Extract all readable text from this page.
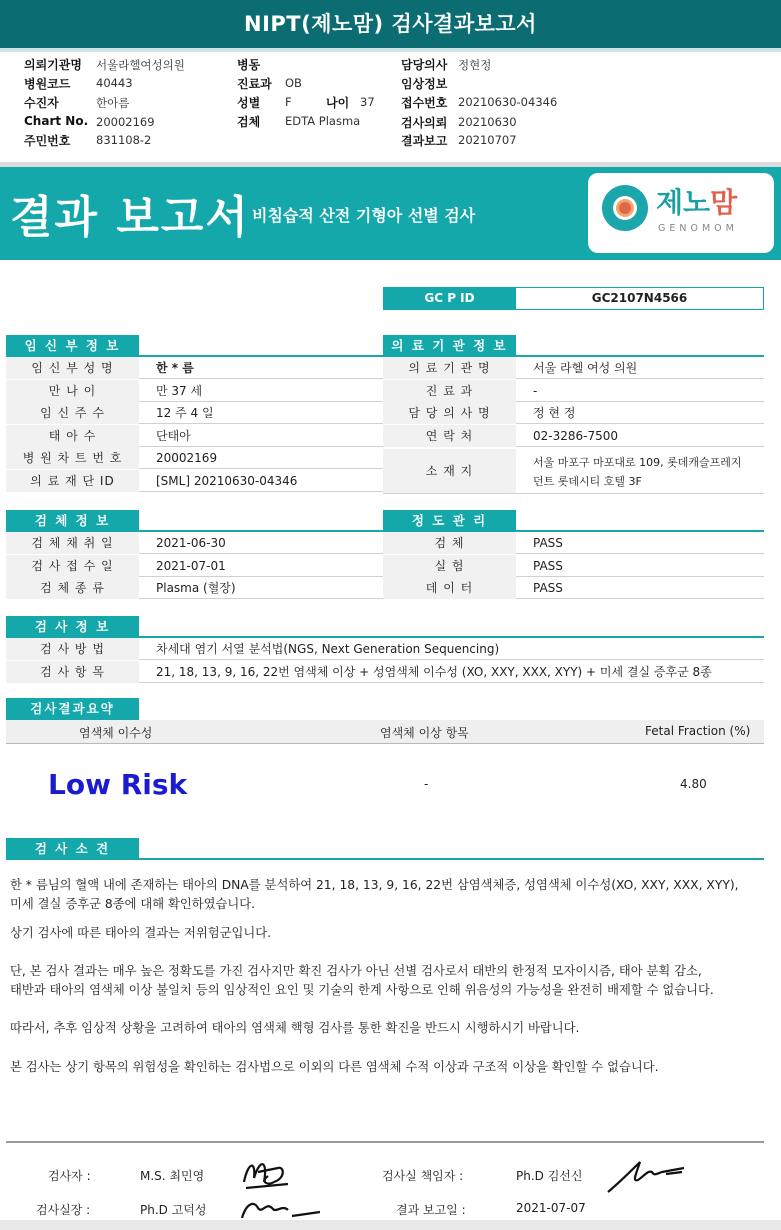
NIPT(제노맘) 검사결과보고서
의뢰기관명 서울라헬여성의원
병원코드 40443
수진자	한아름
Chart No. 20002169
주민번호 831108-2
병동
진료과 OB
성별 F	나이 37
검체 EDTA Plasma
담당의사 정현정
임상정보
접수번호 20210630-04346
검사의뢰 20210630
결과보고 20210707
결과 보고서 비침습적 산전 기형아 선별 검사	제노맘
GENOMOM
GC P ID	GC2107N4566
임 신 부 정 보
임 신 부 성 명	한 * 름
만 나 이	만 37 세
임 신 주 수	12 주 4 일
태 아 수	단태아
병 원 차 트 번 호	20002169
의 료 재 단 ID	[SML] 20210630-04346
의 료 기 관 정 보
의 료 기 관 명	서울 라헬 여성 의원
진 료 과	-
담 당 의 사 명	정 현 정
연 락 처	02-3286-7500
소 재 지
서울 마포구 마포대로 109, 롯데캐슬프레지
던트 롯데시티 호텔 3F
검 체 정 보
검 체 채 취 일	2021-06-30
검 사 접 수 일	2021-07-01
검 체 종 류	Plasma (혈장)
정 도 관 리
검 체	PASS
실 험	PASS
데 이 터	PASS
검 사 정 보
검 사 방 법	차세대 염기 서열 분석법(NGS, Next Generation Sequencing)
검 사 항 목	21, 18, 13, 9, 16, 22번 염색체 이상 + 성염색체 이수성 (XO, XXY, XXX, XYY) + 미세 결실 증후군 8종
검사결과요약
염색체 이수성	염색체 이상 항목	Fetal Fraction (%)
Low Risk	-	4.80
검 사 소 견
한 * 름님의 혈액 내에 존재하는 태아의 DNA를 분석하여 21, 18, 13, 9, 16, 22번 삼염색체증, 성염색체 이수성(XO, XXY, XXX, XYY),
미세 결실 증후군 8종에 대해 확인하였습니다.
상기 검사에 따른 태아의 결과는 저위험군입니다.
단, 본 검사 결과는 매우 높은 정확도를 가진 검사지만 확진 검사가 아닌 선별 검사로서 태반의 한정적 모자이시즘, 태아 분획 감소,
태반과 태아의 염색체 이상 불일치 등의 임상적인 요인 및 기술의 한계 사항으로 인해 위음성의 가능성을 완전히 배제할 수 없습니다.
따라서, 추후 임상적 상황을 고려하여 태아의 염색체 핵형 검사를 통한 확진을 반드시 시행하시기 바랍니다.
본 검사는 상기 항목의 위험성을 확인하는 검사법으로 이외의 다른 염색체 수적 이상과 구조적 이상을 확인할 수 없습니다.
검사자 :	M.S. 최민영	검사실 책임자 :	Ph.D 김선신
검사실장 :	Ph.D 고덕성	결과 보고일 :	2021-07-07
